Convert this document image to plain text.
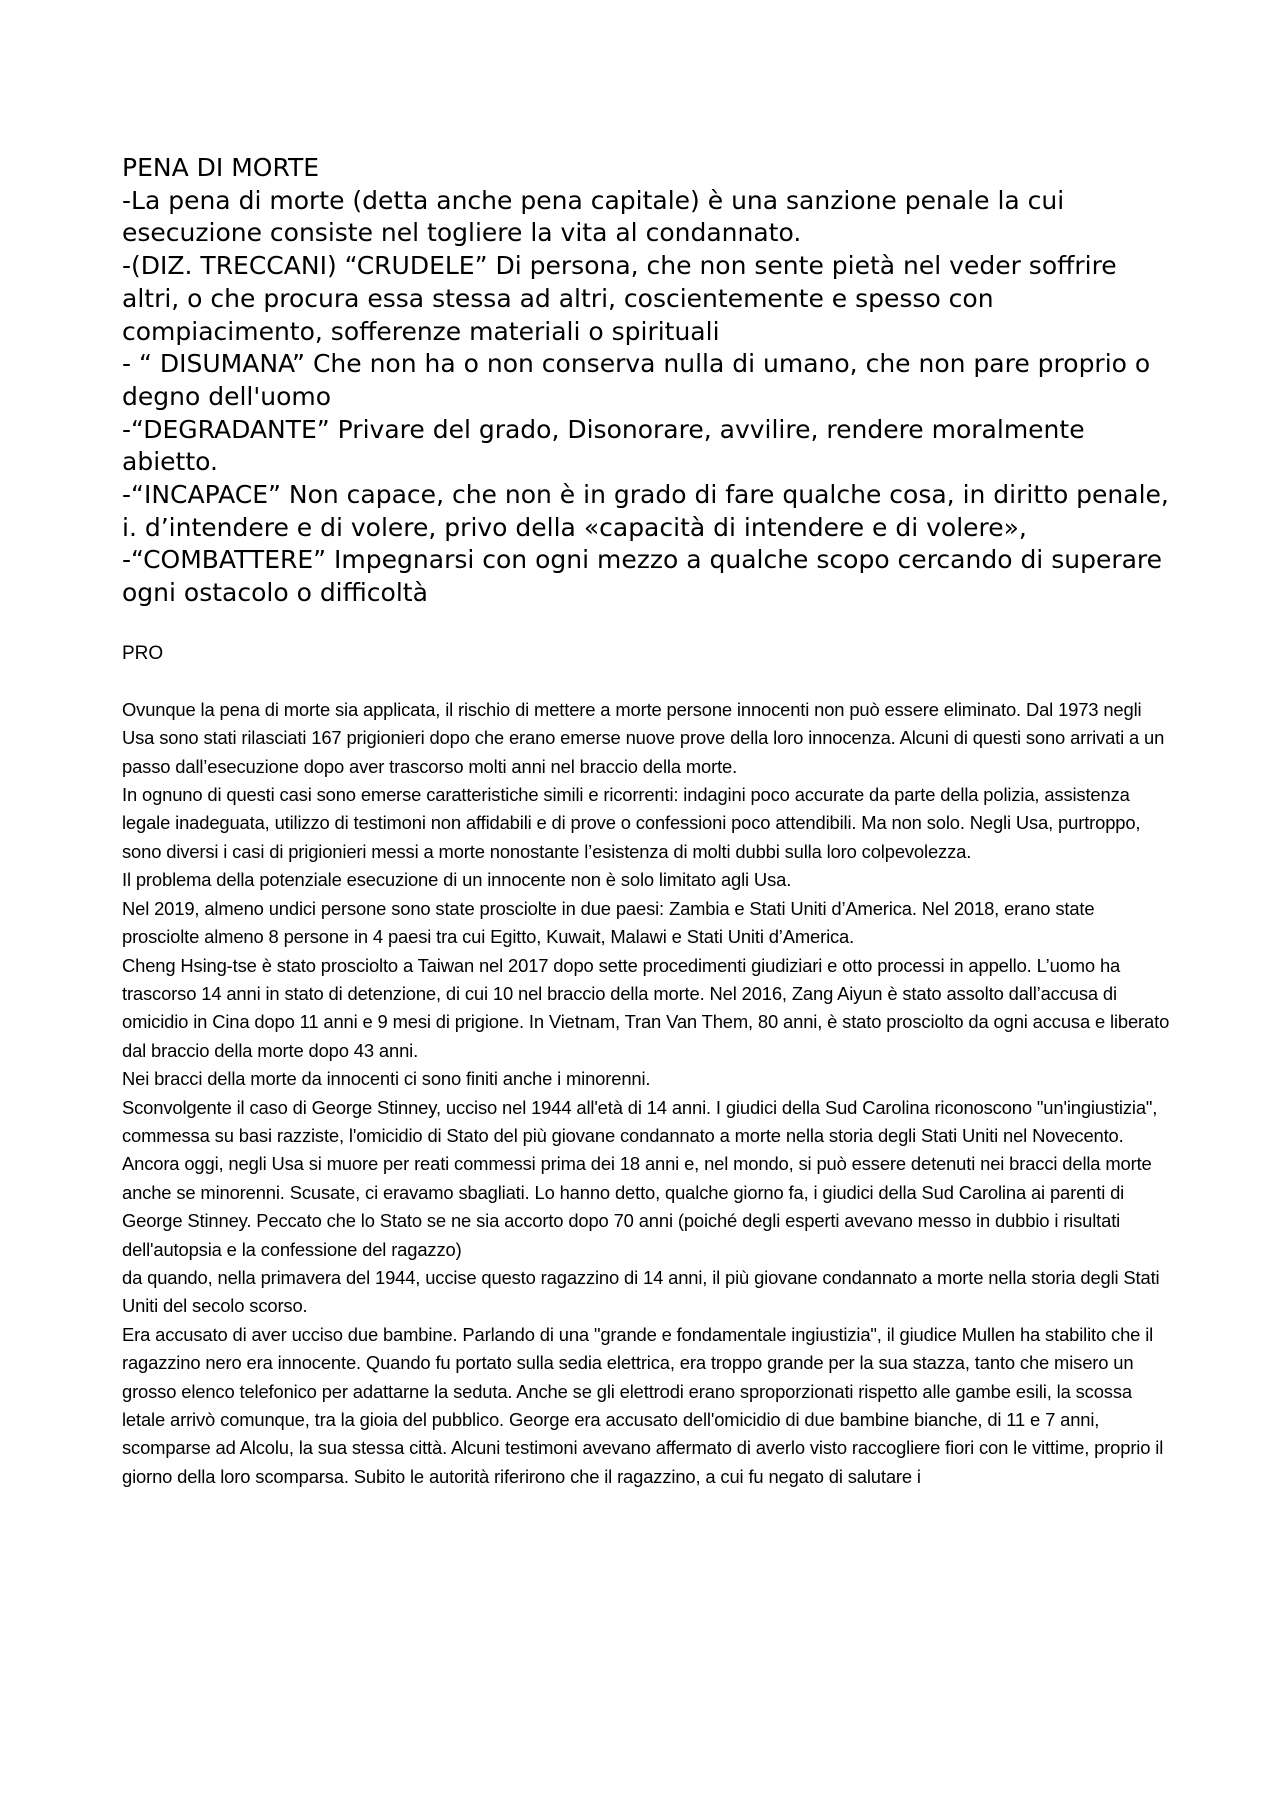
PENA DI MORTE

-La pena di morte (detta anche pena capitale) è una sanzione penale la cui esecuzione consiste nel togliere la vita al condannato.

-(DIZ. TRECCANI) “CRUDELE” Di persona, che non sente pietà nel veder soffrire altri, o che procura essa stessa ad altri, coscientemente e spesso con compiacimento, sofferenze materiali o spirituali

- “ DISUMANA” Che non ha o non conserva nulla di umano, che non pare proprio o degno dell'uomo

-“DEGRADANTE” Privare del grado, Disonorare, avvilire, rendere moralmente abietto.

-“INCAPACE” Non capace, che non è in grado di fare qualche cosa, in diritto penale, i. d’intendere e di volere, privo della «capacità di intendere e di volere»,

-“COMBATTERE” Impegnarsi con ogni mezzo a qualche scopo cercando di superare ogni ostacolo o difficoltà

PRO

Ovunque la pena di morte sia applicata, il rischio di mettere a morte persone innocenti non può essere eliminato. Dal 1973 negli Usa sono stati rilasciati 167 prigionieri dopo che erano emerse nuove prove della loro innocenza. Alcuni di questi sono arrivati a un passo dall’esecuzione dopo aver trascorso molti anni nel braccio della morte.

In ognuno di questi casi sono emerse caratteristiche simili e ricorrenti: indagini poco accurate da parte della polizia, assistenza legale inadeguata, utilizzo di testimoni non affidabili e di prove o confessioni poco attendibili. Ma non solo. Negli Usa, purtroppo, sono diversi i casi di prigionieri messi a morte nonostante l’esistenza di molti dubbi sulla loro colpevolezza.

Il problema della potenziale esecuzione di un innocente non è solo limitato agli Usa.

Nel 2019, almeno undici persone sono state prosciolte in due paesi: Zambia e Stati Uniti d’America. Nel 2018, erano state prosciolte almeno 8 persone in 4 paesi tra cui Egitto, Kuwait, Malawi e Stati Uniti d’America.

Cheng Hsing-tse è stato prosciolto a Taiwan nel 2017 dopo sette procedimenti giudiziari e otto processi in appello. L’uomo ha trascorso 14 anni in stato di detenzione, di cui 10 nel braccio della morte. Nel 2016, Zang Aiyun è stato assolto dall’accusa di omicidio in Cina dopo 11 anni e 9 mesi di prigione. In Vietnam, Tran Van Them, 80 anni, è stato prosciolto da ogni accusa e liberato dal braccio della morte dopo 43 anni.

Nei bracci della morte da innocenti ci sono finiti anche i minorenni.

Sconvolgente il caso di George Stinney, ucciso nel 1944 all'età di 14 anni. I giudici della Sud Carolina riconoscono "un'ingiustizia", commessa su basi razziste, l'omicidio di Stato del più giovane condannato a morte nella storia degli Stati Uniti nel Novecento. Ancora oggi, negli Usa si muore per reati commessi prima dei 18 anni e, nel mondo, si può essere detenuti nei bracci della morte anche se minorenni. Scusate, ci eravamo sbagliati. Lo hanno detto, qualche giorno fa, i giudici della Sud Carolina ai parenti di George Stinney. Peccato che lo Stato se ne sia accorto dopo 70 anni (poiché degli esperti avevano messo in dubbio i risultati dell'autopsia e la confessione del ragazzo)

da quando, nella primavera del 1944, uccise questo ragazzino di 14 anni, il più giovane condannato a morte nella storia degli Stati Uniti del secolo scorso.

Era accusato di aver ucciso due bambine. Parlando di una "grande e fondamentale ingiustizia", il giudice Mullen ha stabilito che il ragazzino nero era innocente. Quando fu portato sulla sedia elettrica, era troppo grande per la sua stazza, tanto che misero un grosso elenco telefonico per adattarne la seduta. Anche se gli elettrodi erano sproporzionati rispetto alle gambe esili, la scossa letale arrivò comunque, tra la gioia del pubblico. George era accusato dell'omicidio di due bambine bianche, di 11 e 7 anni, scomparse ad Alcolu, la sua stessa città. Alcuni testimoni avevano affermato di averlo visto raccogliere fiori con le vittime, proprio il giorno della loro scomparsa. Subito le autorità riferirono che il ragazzino, a cui fu negato di salutare i
